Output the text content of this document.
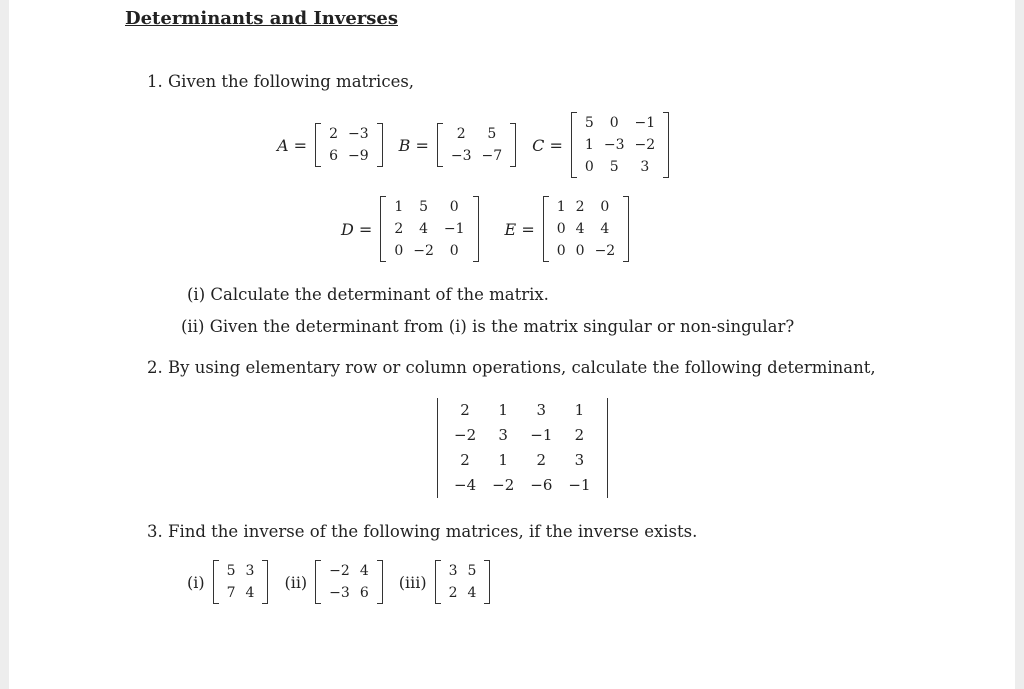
Determinants and Inverses
1. Given the following matrices,
A =
2	−3
6	−9
B =
2	5
−3	−7
C =
5	0	−1
1	−3	−2
0	5	3
D =
1	5	0
2	4	−1
0	−2	0
E =
1	2	0
0	4	4
0	0	−2
(i) Calculate the determinant of the matrix.
(ii) Given the determinant from (i) is the matrix singular or non-singular?
2. By using elementary row or column operations, calculate the following determinant,
2	1	3	1
−2	3	−1	2
2	1	2	3
−4	−2	−6	−1
3. Find the inverse of the following matrices, if the inverse exists.
(i)
5	3
7	4
(ii)
−2	4
−3	6
(iii)
3	5
2	4
